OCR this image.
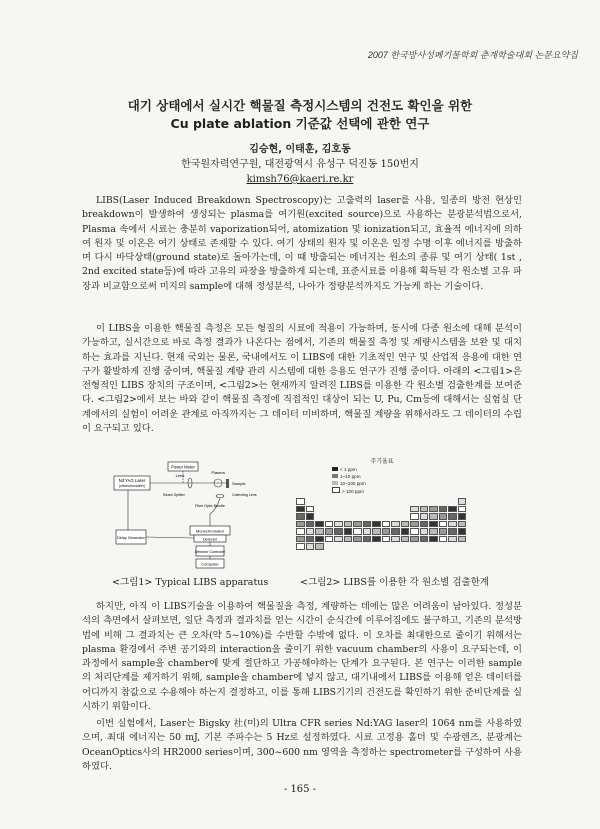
2007 한국방사성폐기물학회 춘계학술대회 논문요약집
대기 상태에서 실시간 핵물질 측정시스템의 건전도 확인을 위한
Cu plate ablation 기준값 선택에 관한 연구
김승현, 이태훈, 김호동
한국원자력연구원, 대전광역시 유성구 덕진동 150번지
kimsh76@kaeri.re.kr
LIBS(Laser Induced Breakdown Spectroscopy)는 고출력의 laser를 사용, 일종의 방전 현상인 breakdown이 발생하여 생성되는 plasma를 여기원(excited source)으로 사용하는 분광분석법으로서, Plasma 속에서 시료는 충분히 vaporization되어, atomization 및 ionization되고, 효율적 에너지에 의하여 원자 및 이온은 여기 상태로 존재할 수 있다. 여기 상태의 원자 및 이온은 일정 수명 이후 에너지를 방출하며 다시 바닥상태(ground state)로 돌아가는데, 이 때 방출되는 에너지는 원소의 종류 및 여기 상태( 1st , 2nd excited state등)에 따라 고유의 파장을 방출하게 되는데, 표준시료를 이용해 획득된 각 원소별 고유 파장과 비교함으로써 미지의 sample에 대해 정성분석, 나아가 정량분석까지도 가능케 하는 기술이다.
이 LIBS을 이용한 핵물질 측정은 모든 형질의 시료에 적용이 가능하며, 동시에 다종 원소에 대해 분석이 가능하고, 실시간으로 바로 측정 결과가 나온다는 점에서, 기존의 핵물질 측정 및 계량시스템을 보완 및 대치하는 효과를 지닌다. 현재 국외는 물론, 국내에서도 이 LIBS에 대한 기초적인 연구 및 산업적 응용에 대한 연구가 활발하게 진행 중이며, 핵물질 계량 관리 시스템에 대한 응용도 연구가 진행 중이다. 아래의 <그림1>은 전형적인 LIBS 장치의 구조이며, <그림2>는 현재까지 알려진 LIBS를 이용한 각 원소별 검출한계를 보여준다. <그림2>에서 보는 바와 같이 핵물질 측정에 직접적인 대상이 되는 U, Pu, Cm등에 대해서는 실험실 단계에서의 실험이 어려운 관계로 아직까지는 그 데이터 미비하며, 핵물질 계량을 위해서라도 그 데이터의 수립이 요구되고 있다.
Power Meter
Nd:YAG Laser
(electro/controller)
Lens
Plasma
Sample
Beam Splitter	Collecting Lens
Fiber Optic Bundle
Delay Generator
Monochromator
Detector
Detector Controller
Computer
<그림1> Typical LIBS apparatus
주기율표
< 1 ppm
1~10 ppm
10~100 ppm
> 100 ppm
<그림2> LIBS를 이용한 각 원소별 검출한계
하지만, 아직 이 LIBS기술을 이용하여 핵물질을 측정, 계량하는 데에는 많은 어려움이 남아있다. 정성분석의 측면에서 살펴보면, 일단 측정과 결과치를 얻는 시간이 순식간에 이루어짐에도 불구하고, 기존의 분석방법에 비해 그 결과치는 큰 오차(약 5~10%)를 수반할 수밖에 없다. 이 오차를 최대한으로 줄이기 위해서는 plasma 환경에서 주변 공기와의 interaction을 줄이기 위한 vacuum chamber의 사용이 요구되는데, 이 과정에서 sample을 chamber에 맞게 절단하고 가공해야하는 단계가 요구된다. 본 연구는 이러한 sample의 처리단계를 제거하기 위해, sample을 chamber에 넣지 않고, 대기내에서 LIBS를 이용해 얻은 데이터를 어디까지 참값으로 수용해야 하는지 결정하고, 이를 통해 LIBS기기의 건전도를 확인하기 위한 준비단계를 실시하기 위함이다.
이번 실험에서, Laser는 Bigsky 社(미)의 Ultra CFR series Nd:YAG laser의 1064 nm를 사용하였으며, 최대 에너지는 50 mJ, 기본 주파수는 5 Hz로 설정하였다. 시료 고정용 홀더 및 수광렌즈, 분광계는 OceanOptics사의 HR2000 series이며, 300~600 nm 영역을 측정하는 spectrometer를 구성하여 사용하였다.
- 165 -
